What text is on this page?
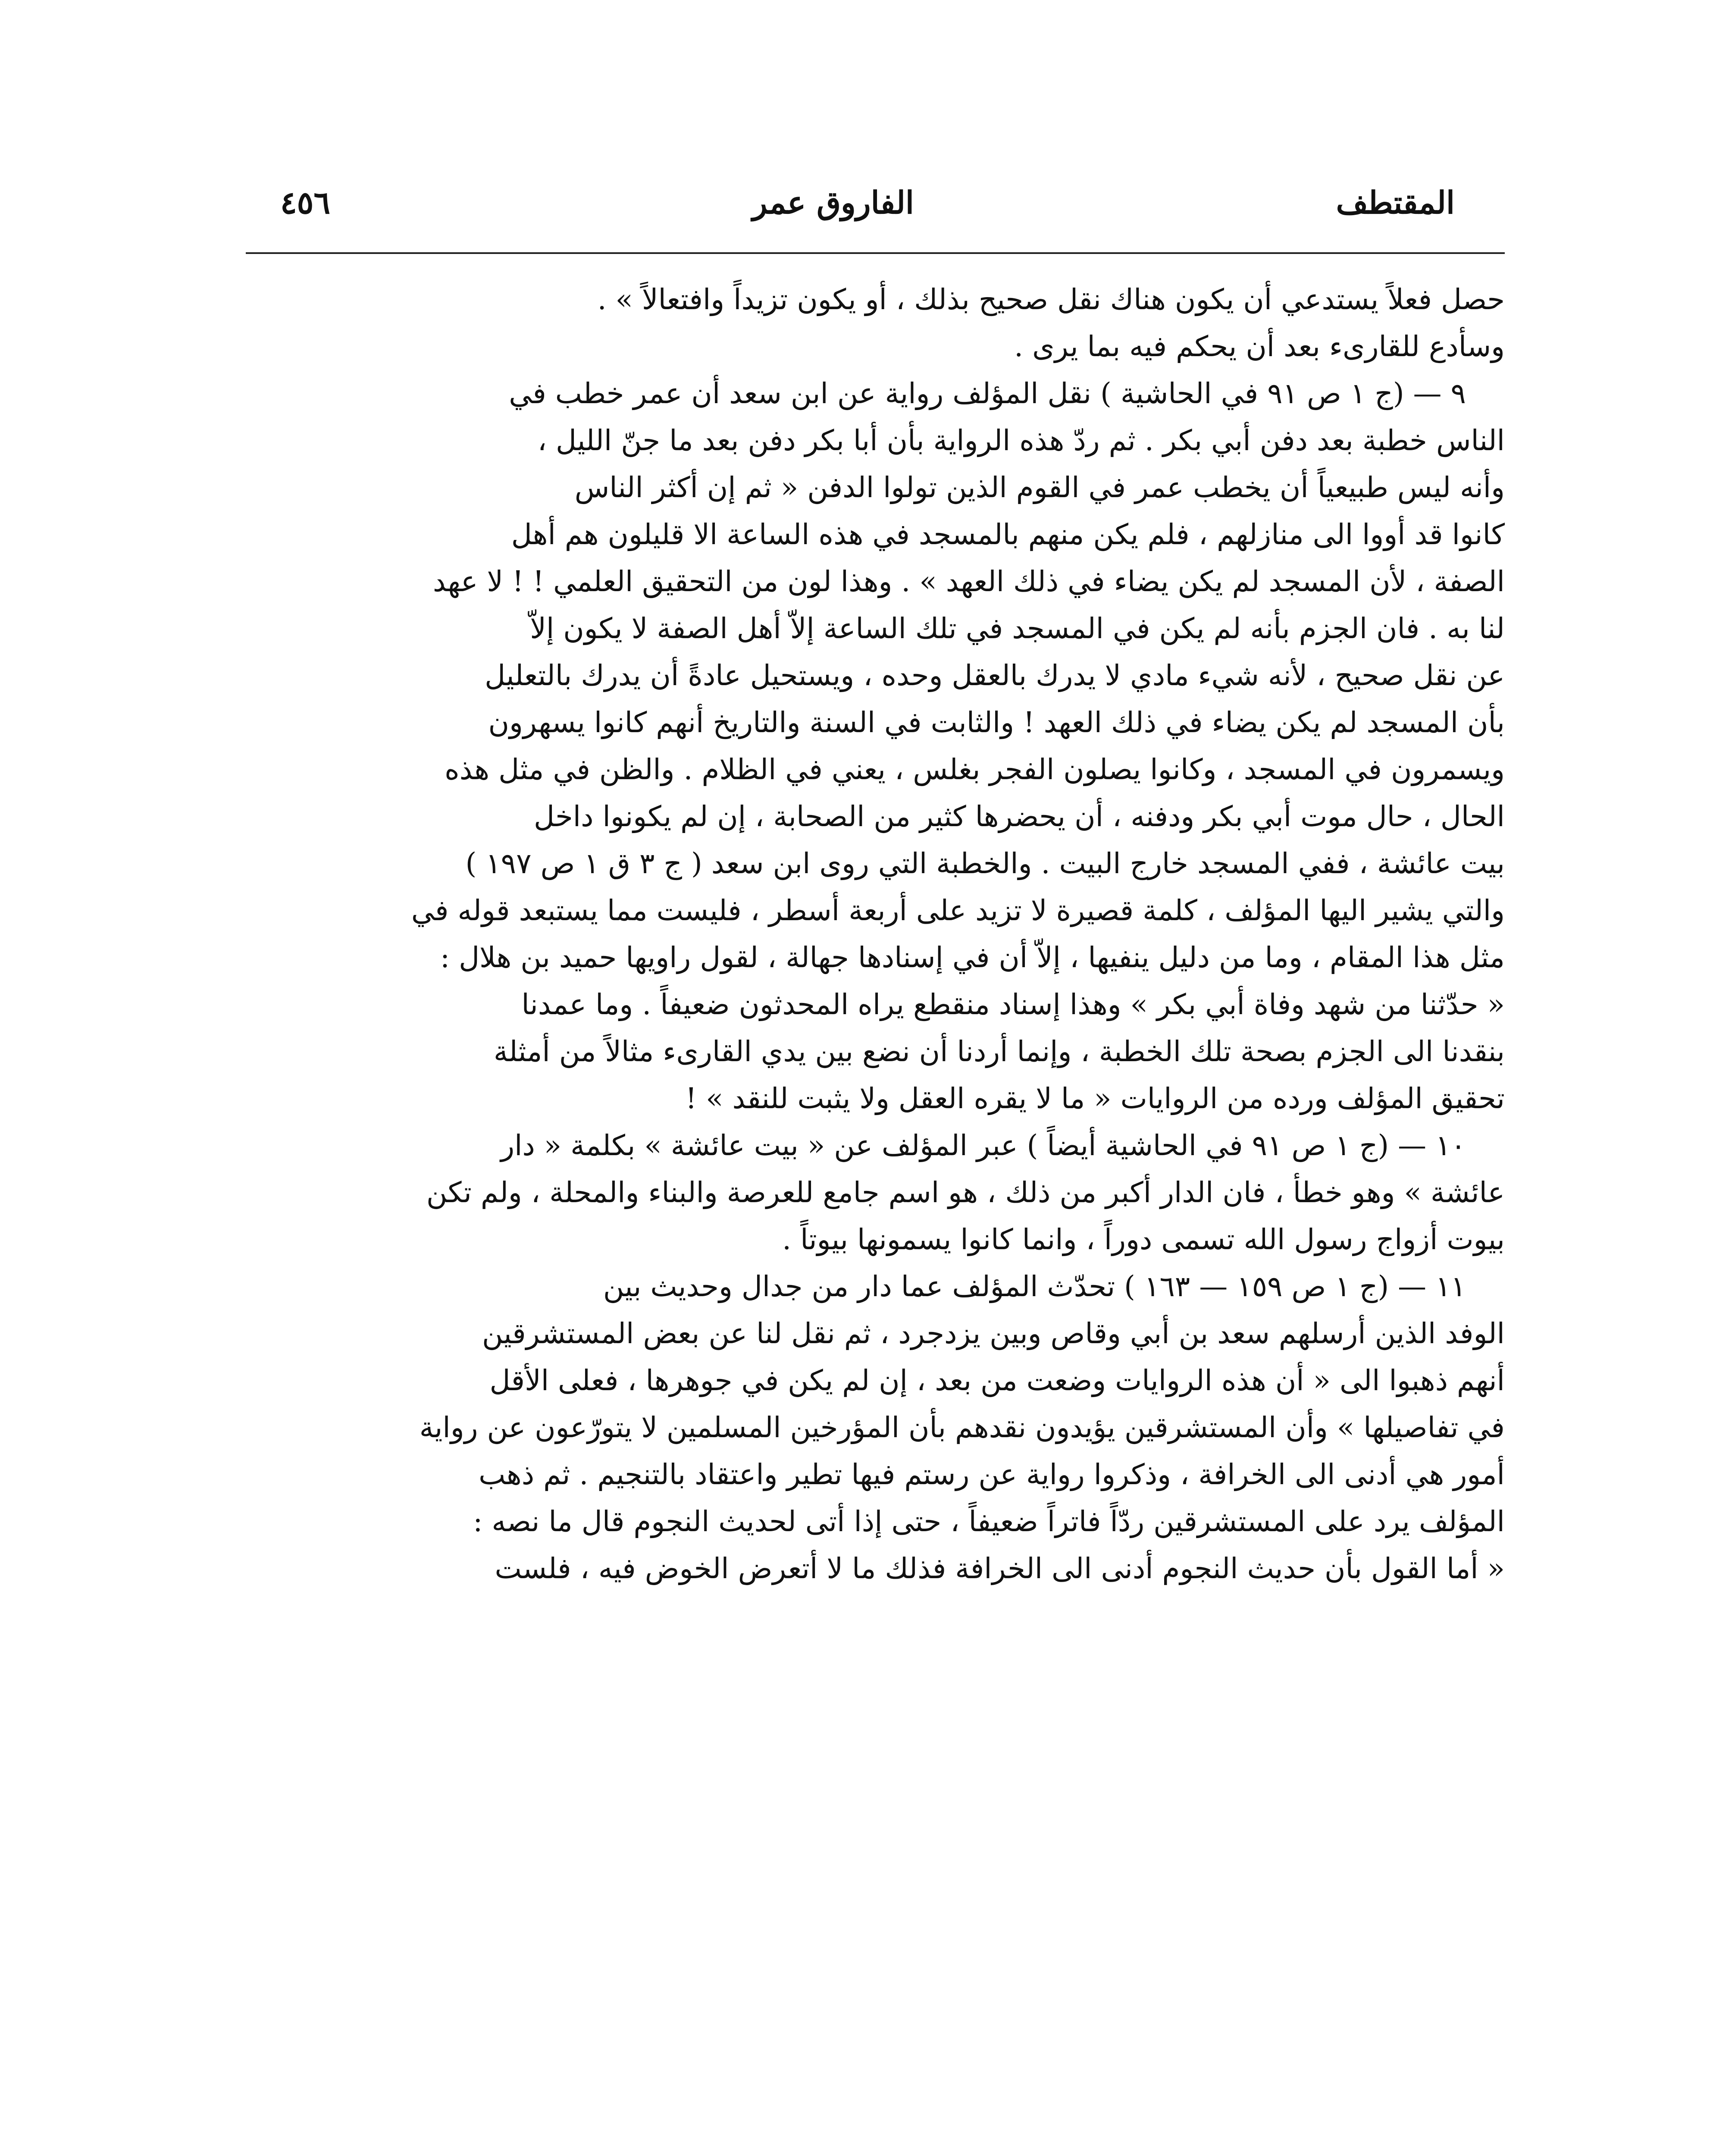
٤٥٦	الفاروق عمر	المقتطف
حصل فعلاً يستدعي أن يكون هناك نقل صحيح بذلك ، أو يكون تزيداً وافتعالاً » .
وسأدع للقارىء بعد أن يحكم فيه بما يرى .
٩ — (ج ١ ص ٩١ في الحاشية ) نقل المؤلف رواية عن ابن سعد أن عمر خطب في
الناس خطبة بعد دفن أبي بكر . ثم ردّ هذه الرواية بأن أبا بكر دفن بعد ما جنّ الليل ،
وأنه ليس طبيعياً أن يخطب عمر في القوم الذين تولوا الدفن « ثم إن أكثر الناس
كانوا قد أووا الى منازلهم ، فلم يكن منهم بالمسجد في هذه الساعة الا قليلون هم أهل
الصفة ، لأن المسجد لم يكن يضاء في ذلك العهد » . وهذا لون من التحقيق العلمي ! ! لا عهد
لنا به . فان الجزم بأنه لم يكن في المسجد في تلك الساعة إلاّ أهل الصفة لا يكون إلاّ
عن نقل صحيح ، لأنه شيء مادي لا يدرك بالعقل وحده ، ويستحيل عادةً أن يدرك بالتعليل
بأن المسجد لم يكن يضاء في ذلك العهد ! والثابت في السنة والتاريخ أنهم كانوا يسهرون
ويسمرون في المسجد ، وكانوا يصلون الفجر بغلس ، يعني في الظلام . والظن في مثل هذه
الحال ، حال موت أبي بكر ودفنه ، أن يحضرها كثير من الصحابة ، إن لم يكونوا داخل
بيت عائشة ، ففي المسجد خارج البيت . والخطبة التي روى ابن سعد ( ج ٣ ق ١ ص ١٩٧ )
والتي يشير اليها المؤلف ، كلمة قصيرة لا تزيد على أربعة أسطر ، فليست مما يستبعد قوله في
مثل هذا المقام ، وما من دليل ينفيها ، إلاّ أن في إسنادها جهالة ، لقول راويها حميد بن هلال :
« حدّثنا من شهد وفاة أبي بكر » وهذا إسناد منقطع يراه المحدثون ضعيفاً . وما عمدنا
بنقدنا الى الجزم بصحة تلك الخطبة ، وإنما أردنا أن نضع بين يدي القارىء مثالاً من أمثلة
تحقيق المؤلف ورده من الروايات « ما لا يقره العقل ولا يثبت للنقد » !
١٠ — (ج ١ ص ٩١ في الحاشية أيضاً ) عبر المؤلف عن « بيت عائشة » بكلمة « دار
عائشة » وهو خطأ ، فان الدار أكبر من ذلك ، هو اسم جامع للعرصة والبناء والمحلة ، ولم تكن
بيوت أزواج رسول الله تسمى دوراً ، وانما كانوا يسمونها بيوتاً .
١١ — (ج ١ ص ١٥٩ — ١٦٣ ) تحدّث المؤلف عما دار من جدال وحديث بين
الوفد الذين أرسلهم سعد بن أبي وقاص وبين يزدجرد ، ثم نقل لنا عن بعض المستشرقين
أنهم ذهبوا الى « أن هذه الروايات وضعت من بعد ، إن لم يكن في جوهرها ، فعلى الأقل
في تفاصيلها » وأن المستشرقين يؤيدون نقدهم بأن المؤرخين المسلمين لا يتورّعون عن رواية
أمور هي أدنى الى الخرافة ، وذكروا رواية عن رستم فيها تطير واعتقاد بالتنجيم . ثم ذهب
المؤلف يرد على المستشرقين ردّاً فاتراً ضعيفاً ، حتى إذا أتى لحديث النجوم قال ما نصه :
« أما القول بأن حديث النجوم أدنى الى الخرافة فذلك ما لا أتعرض الخوض فيه ، فلست
